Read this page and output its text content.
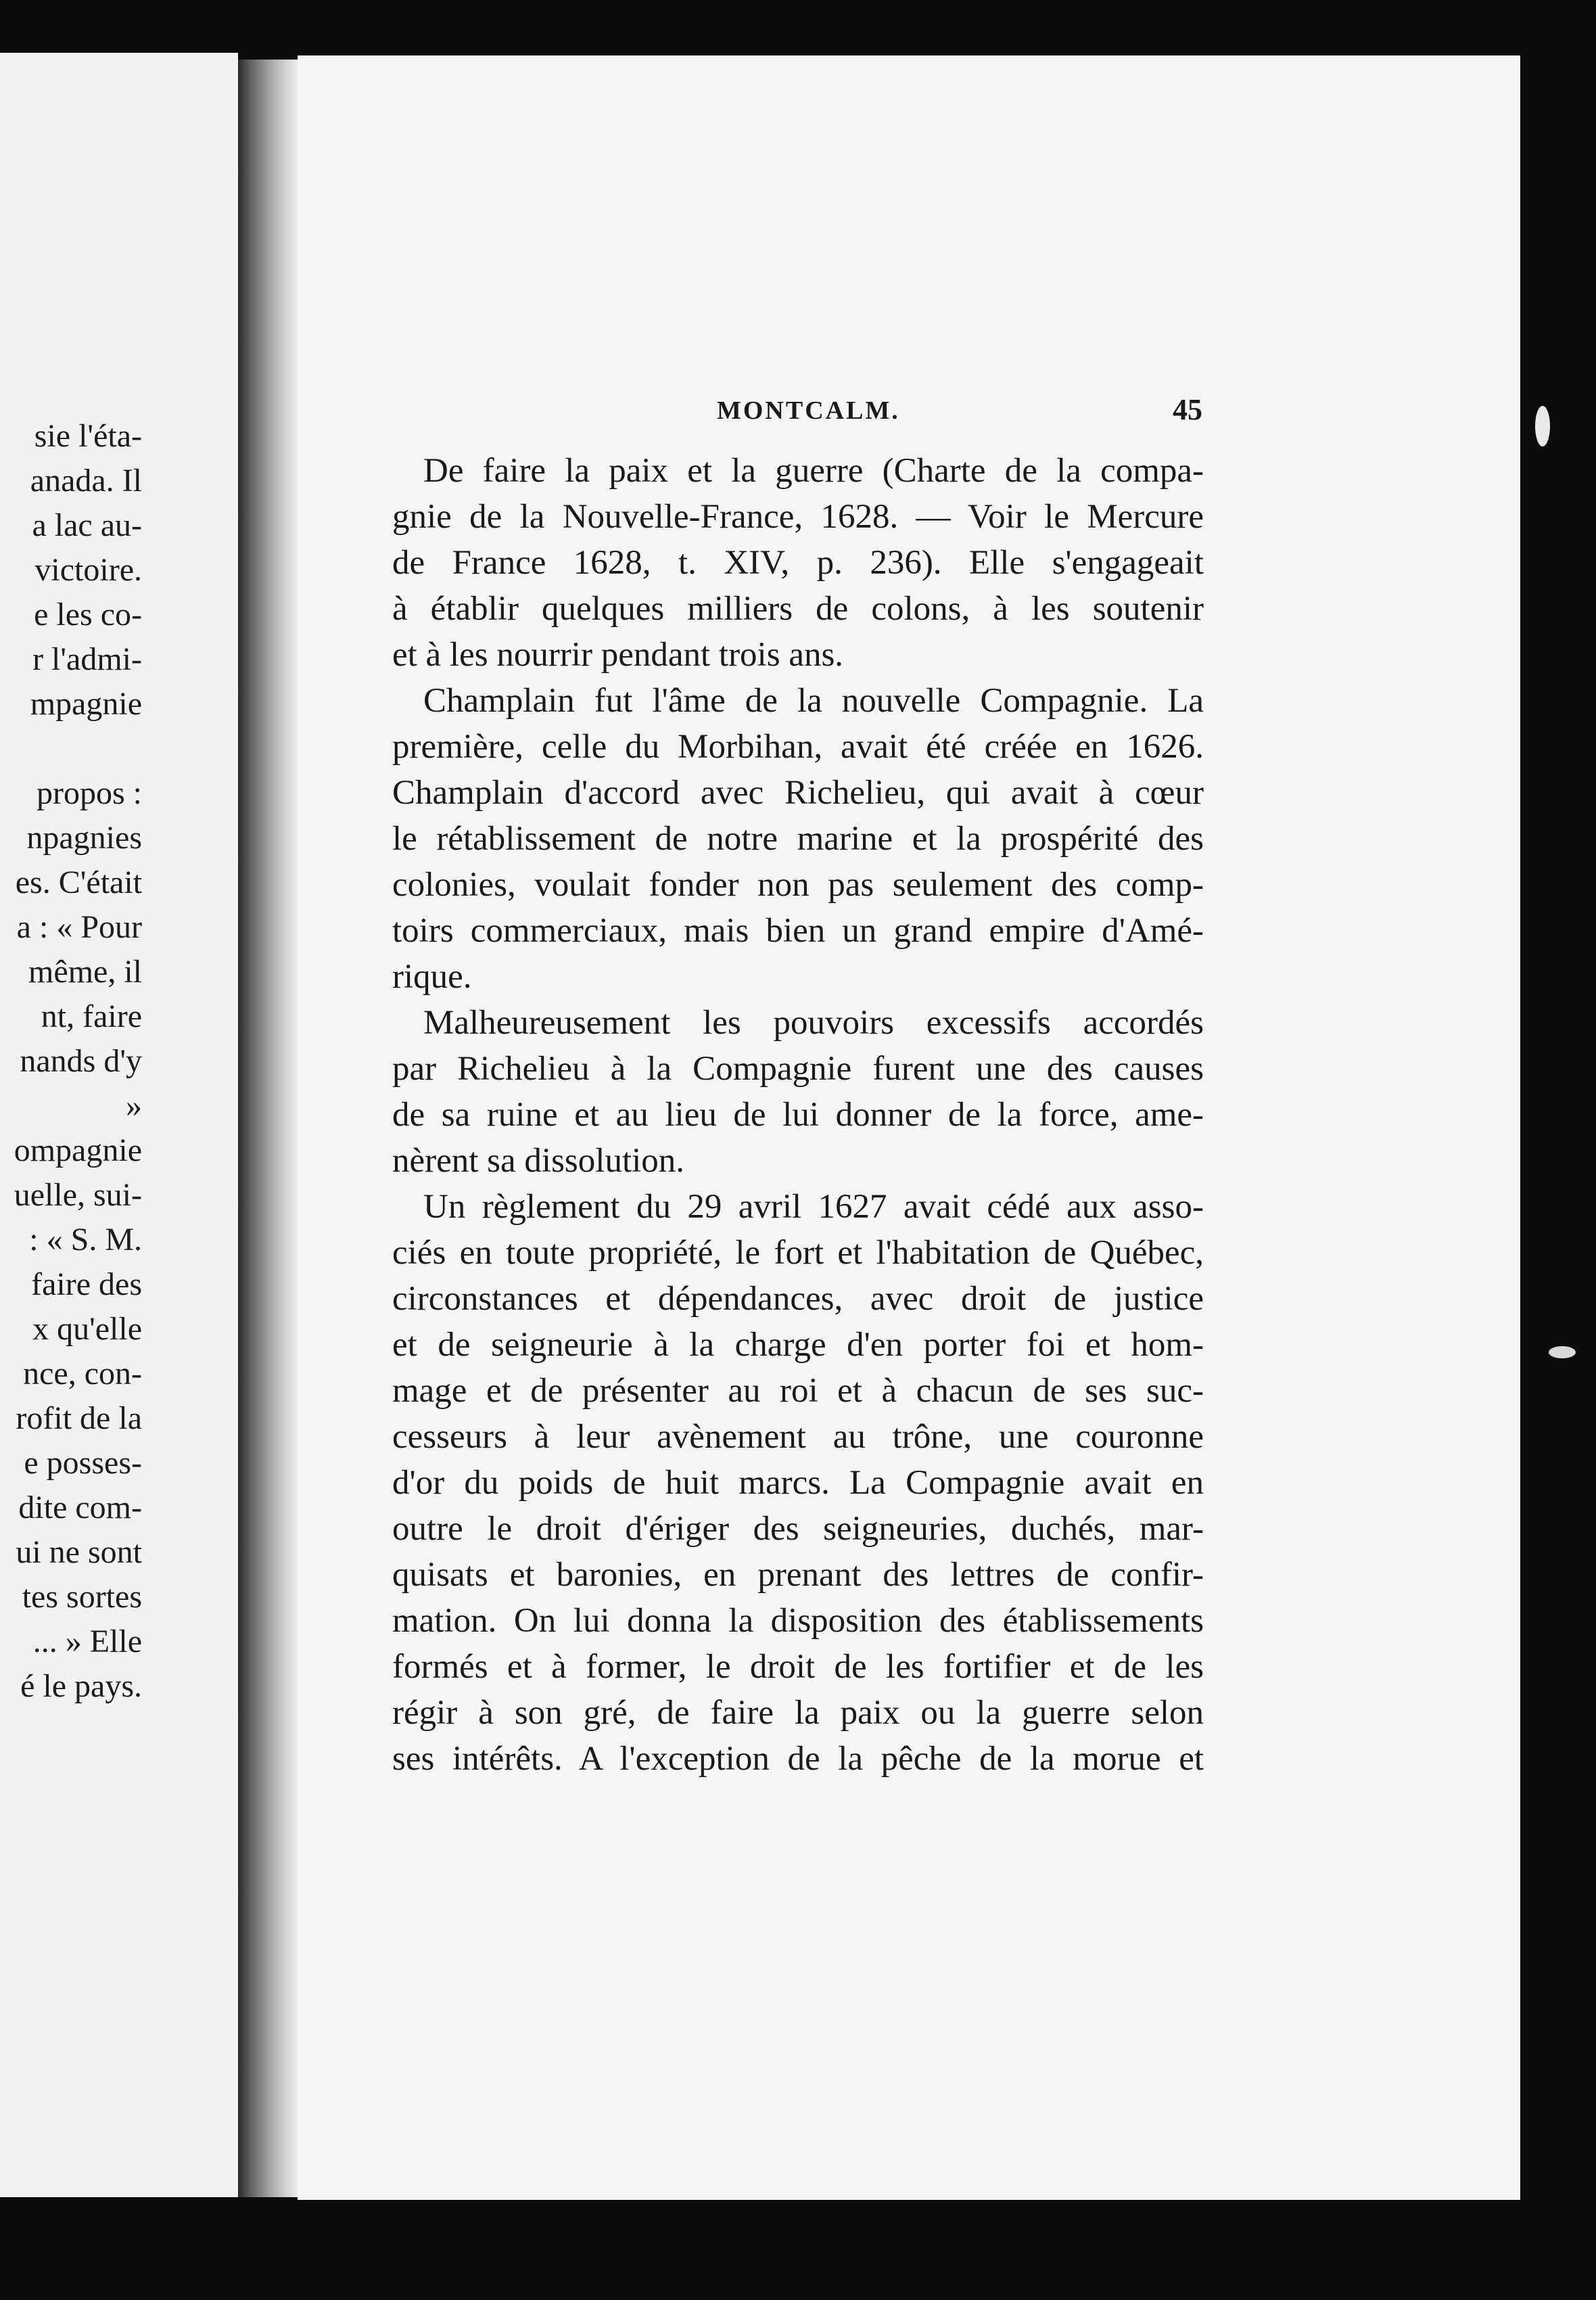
MONTCALM.	45
De faire la paix et la guerre (Charte de la compa-
gnie de la Nouvelle-France, 1628. — Voir le Mercure
de France 1628, t. XIV, p. 236). Elle s'engageait
à établir quelques milliers de colons, à les soutenir
et à les nourrir pendant trois ans.
Champlain fut l'âme de la nouvelle Compagnie. La
première, celle du Morbihan, avait été créée en 1626.
Champlain d'accord avec Richelieu, qui avait à cœur
le rétablissement de notre marine et la prospérité des
colonies, voulait fonder non pas seulement des comp-
toirs commerciaux, mais bien un grand empire d'Amé-
rique.
Malheureusement les pouvoirs excessifs accordés
par Richelieu à la Compagnie furent une des causes
de sa ruine et au lieu de lui donner de la force, ame-
nèrent sa dissolution.
Un règlement du 29 avril 1627 avait cédé aux asso-
ciés en toute propriété, le fort et l'habitation de Québec,
circonstances et dépendances, avec droit de justice
et de seigneurie à la charge d'en porter foi et hom-
mage et de présenter au roi et à chacun de ses suc-
cesseurs à leur avènement au trône, une couronne
d'or du poids de huit marcs. La Compagnie avait en
outre le droit d'ériger des seigneuries, duchés, mar-
quisats et baronies, en prenant des lettres de confir-
mation. On lui donna la disposition des établissements
formés et à former, le droit de les fortifier et de les
régir à son gré, de faire la paix ou la guerre selon
ses intérêts. A l'exception de la pêche de la morue et
sie l'éta-
anada. Il
a lac au-
victoire.
e les co-
r l'admi-
mpagnie
propos :
npagnies
es. C'était
a : « Pour
même, il
nt, faire
nands d'y
»
ompagnie
uelle, sui-
: « S. M.
faire des
x qu'elle
nce, con-
rofit de la
e posses-
dite com-
ui ne sont
tes sortes
... » Elle
é le pays.
